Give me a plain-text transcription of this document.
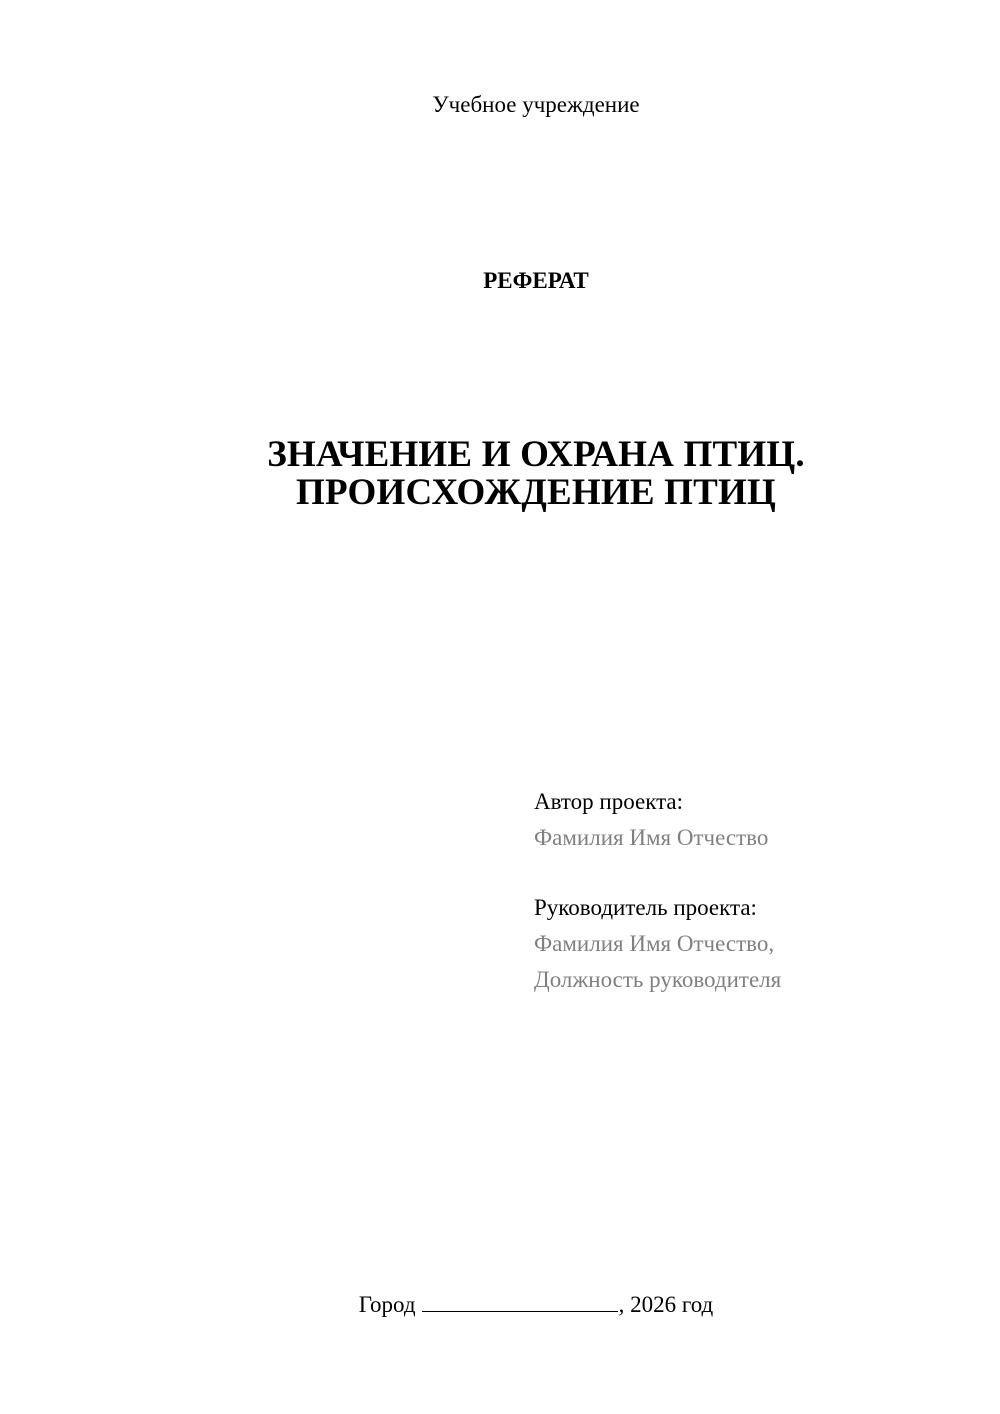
Учебное учреждение
РЕФЕРАТ
ЗНАЧЕНИЕ И ОХРАНА ПТИЦ.
ПРОИСХОЖДЕНИЕ ПТИЦ
Автор проекта:
Фамилия Имя Отчество
Руководитель проекта:
Фамилия Имя Отчество,
Должность руководителя
Город	, 2026 год
